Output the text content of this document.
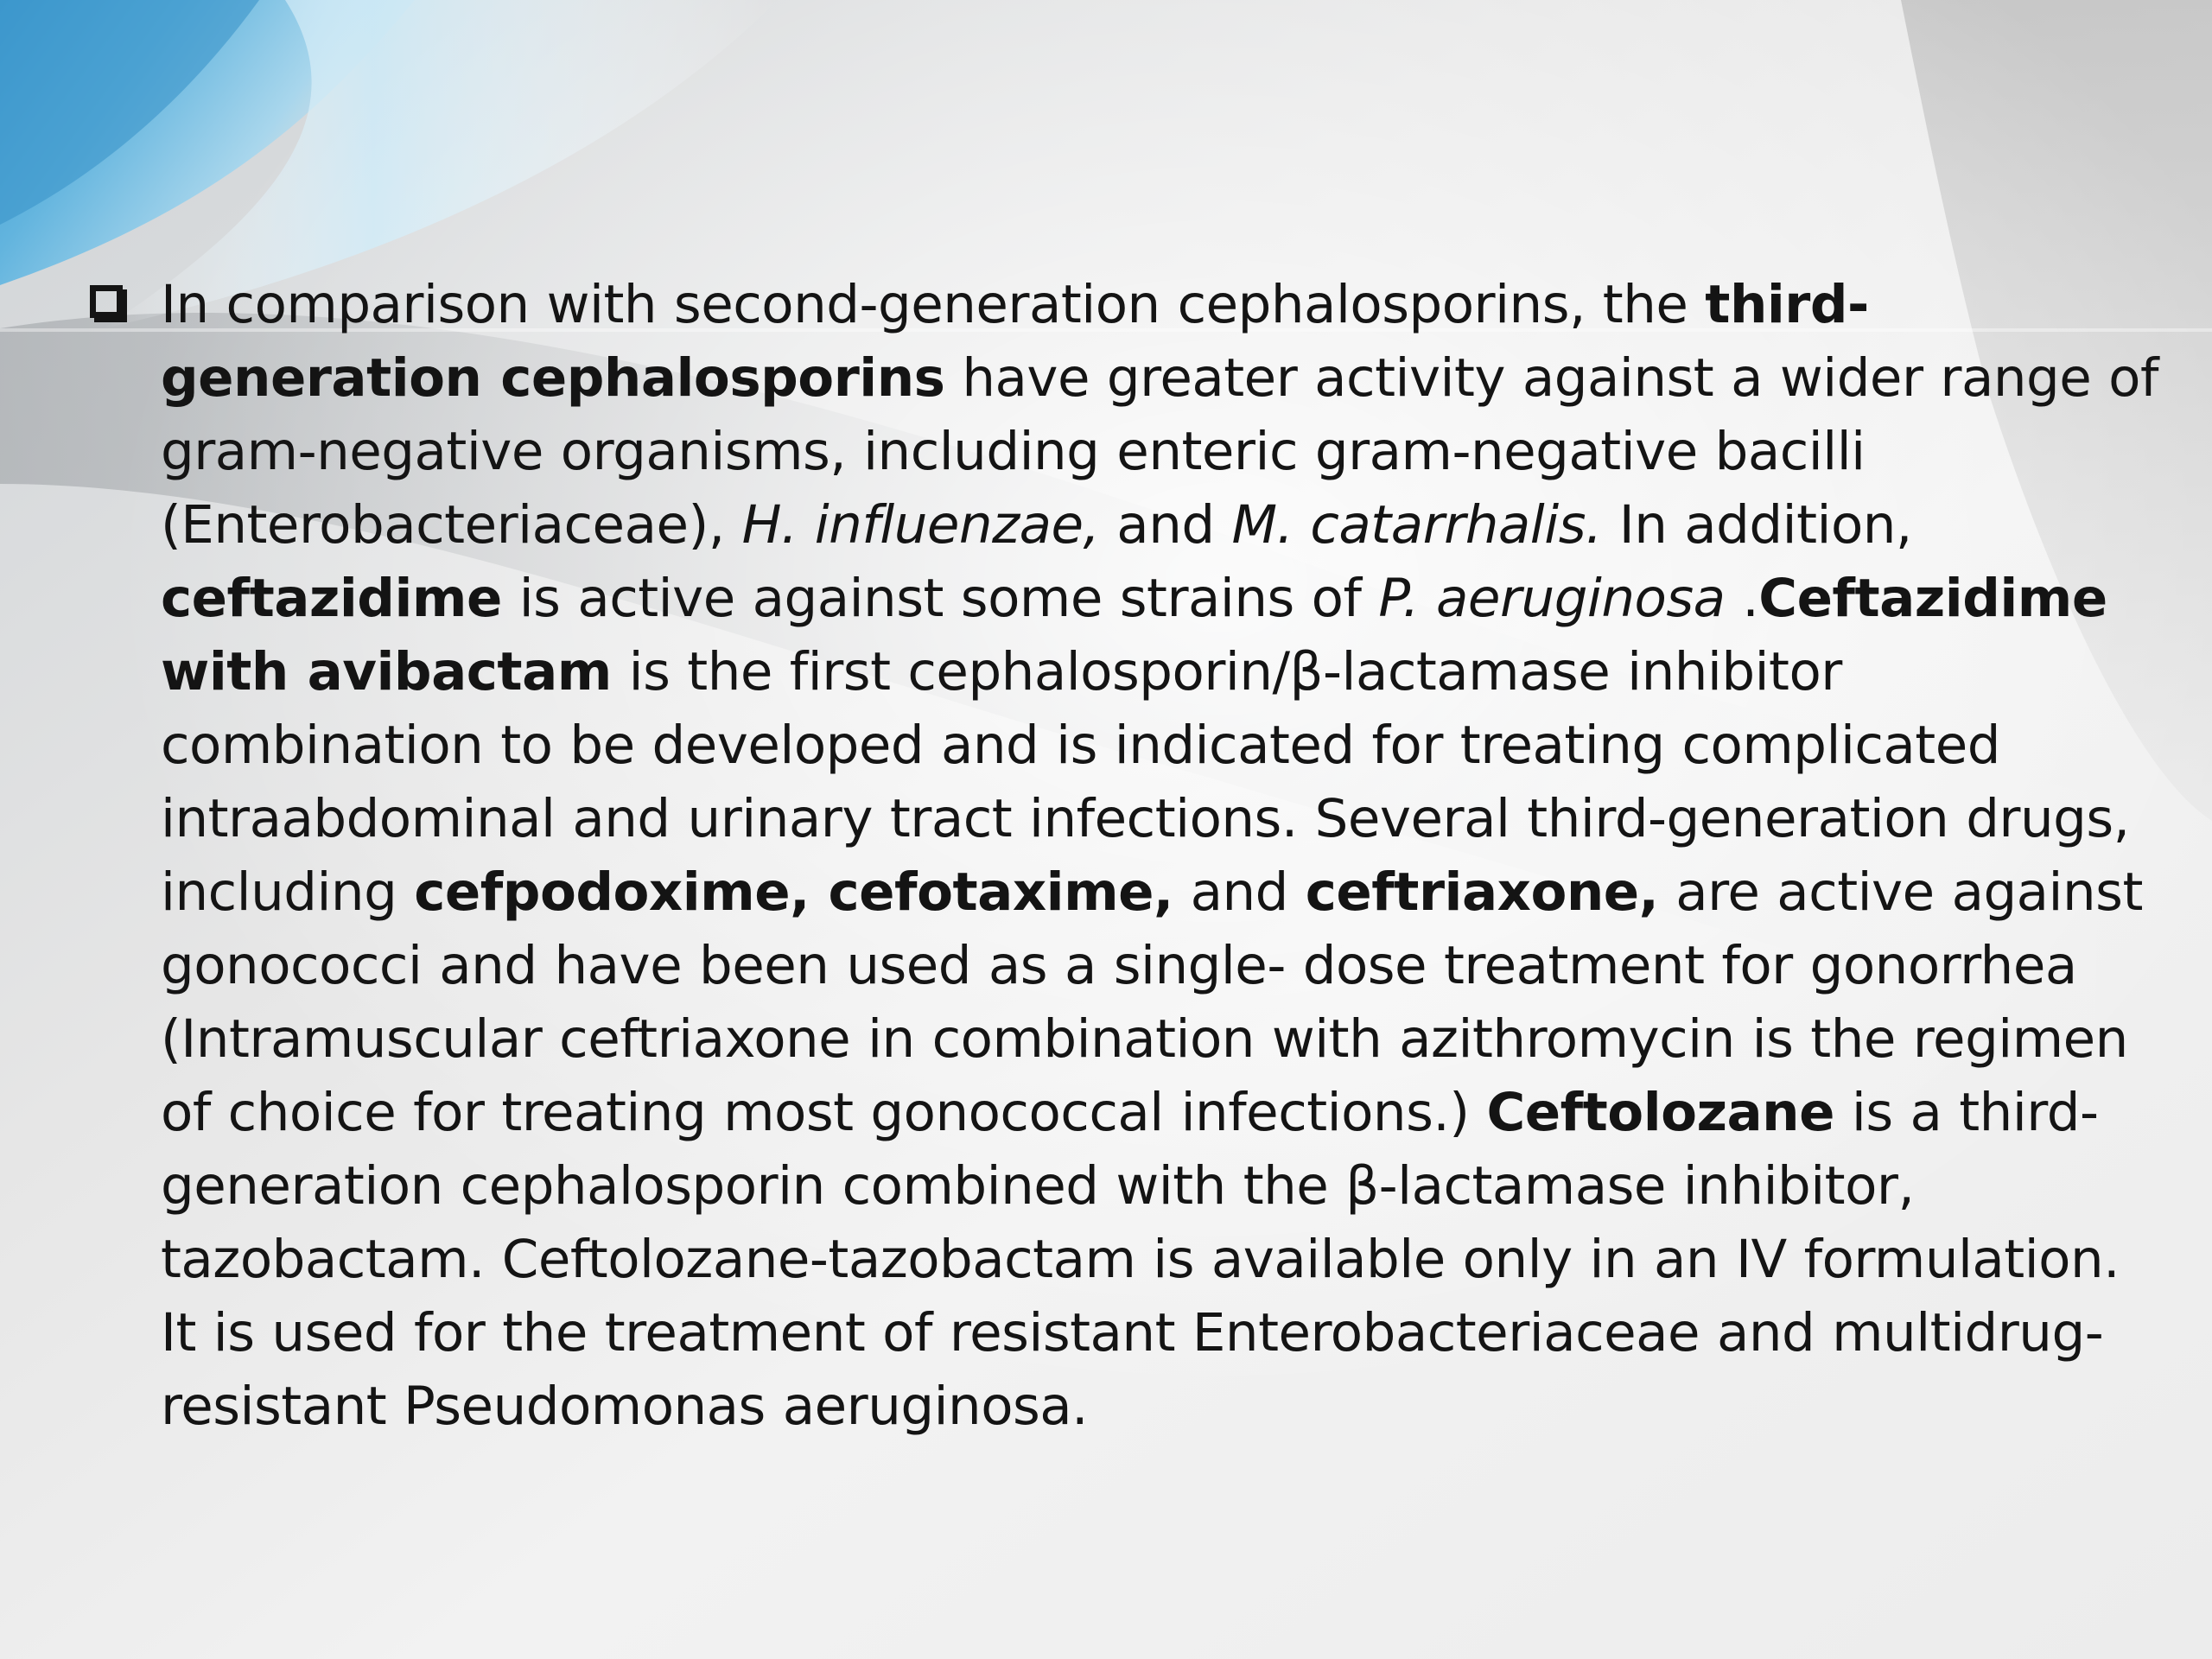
In comparison with second-generation cephalosporins, the third-generation cephalosporins have greater activity against a wider range of gram-negative organisms, including enteric gram-negative bacilli (Enterobacteriaceae), H. influenzae, and M. catarrhalis. In addition, ceftazidime is active against some strains of P. aeruginosa .Ceftazidime with avibactam is the first cephalosporin/β-lactamase inhibitor combination to be developed and is indicated for treating complicated intraabdominal and urinary tract infections. Several third-generation drugs, including cefpodoxime, cefotaxime, and ceftriaxone, are active against gonococci and have been used as a single- dose treatment for gonorrhea (Intramuscular ceftriaxone in combination with azithromycin is the regimen of choice for treating most gonococcal infections.) Ceftolozane is a third-generation cephalosporin combined with the β-lactamase inhibitor, tazobactam. Ceftolozane-tazobactam is available only in an IV formulation. It is used for the treatment of resistant Enterobacteriaceae and multidrug-resistant Pseudomonas aeruginosa.
